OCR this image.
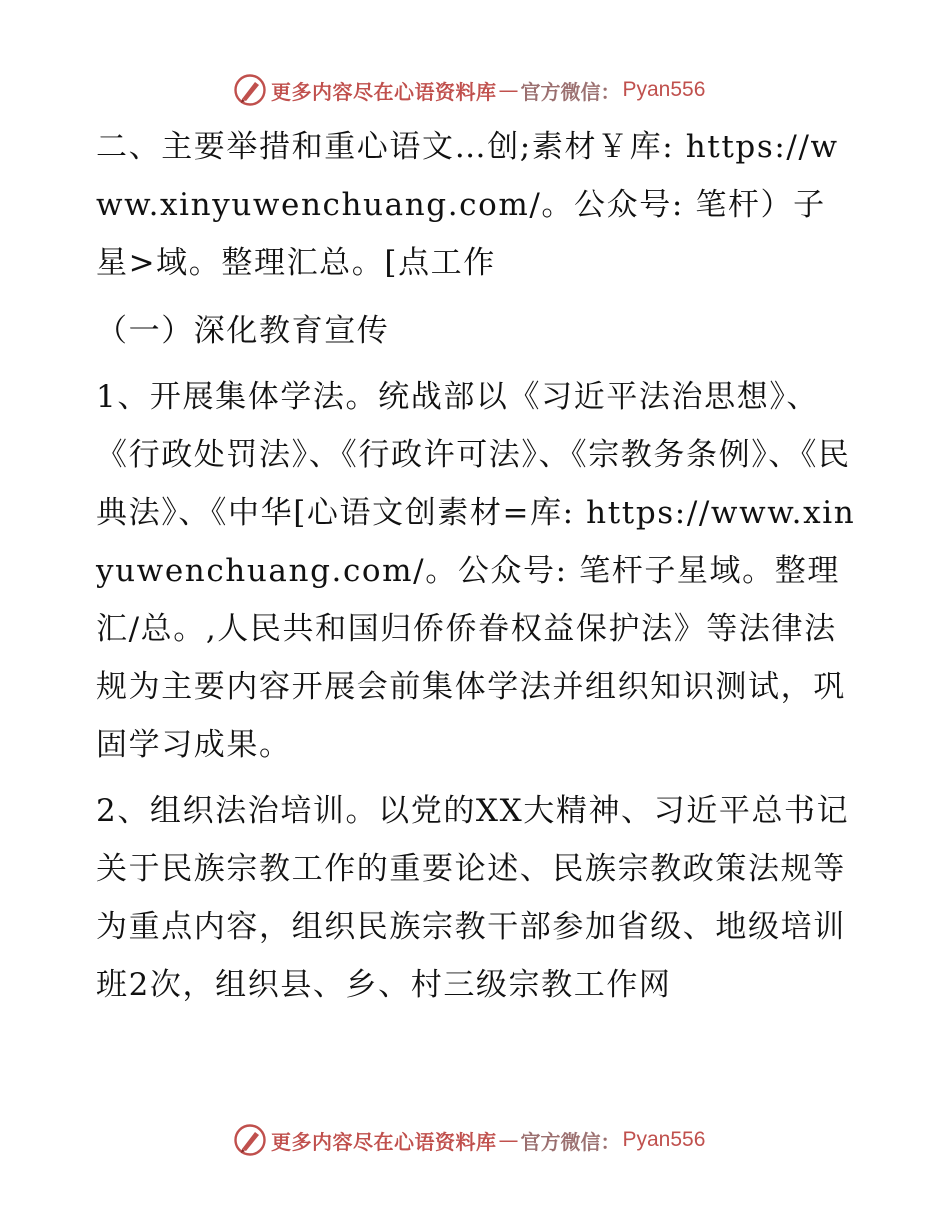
更多内容尽在心语资料库 — 官方微信： Pyan556

二、主要举措和重心语文…创;素材￥库: https://www.xinyuwenchuang.com/。公众号: 笔杆）子星>域。整理汇总。[点工作

（一）深化教育宣传

1、开展集体学法。统战部以《习近平法治思想》、《行政处罚法》、《行政许可法》、《宗教务条例》、《民典法》、《中华[心语文创素材=库: https://www.xinyuwenchuang.com/。公众号: 笔杆子星域。整理汇/总。,人民共和国归侨侨眷权益保护法》等法律法规为主要内容开展会前集体学法并组织知识测试，巩固学习成果。

2、组织法治培训。以党的XX大精神、习近平总书记关于民族宗教工作的重要论述、民族宗教政策法规等为重点内容，组织民族宗教干部参加省级、地级培训班2次，组织县、乡、村三级宗教工作网

更多内容尽在心语资料库 — 官方微信： Pyan556
